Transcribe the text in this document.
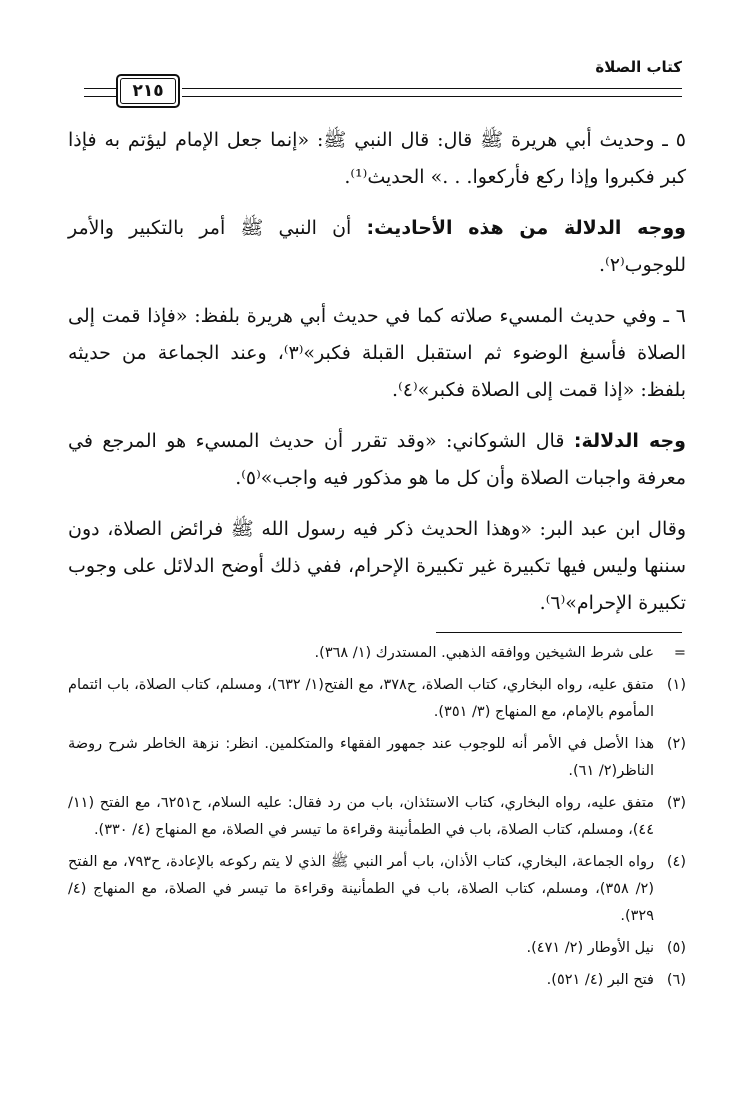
كتاب الصلاة
٢١٥

٥ ـ وحديث أبي هريرة ﷺ قال: قال النبي ﷺ: «إنما جعل الإمام ليؤتم به فإذا كبر فكبروا وإذا ركع فأركعوا. . .» الحديث⁽¹⁾.

ووجه الدلالة من هذه الأحاديث: أن النبي ﷺ أمر بالتكبير والأمر للوجوب⁽٢⁾.

٦ ـ وفي حديث المسيء صلاته كما في حديث أبي هريرة بلفظ: «فإذا قمت إلى الصلاة فأسبغ الوضوء ثم استقبل القبلة فكبر»⁽٣⁾، وعند الجماعة من حديثه بلفظ: «إذا قمت إلى الصلاة فكبر»⁽٤⁾.

وجه الدلالة: قال الشوكاني: «وقد تقرر أن حديث المسيء هو المرجع في معرفة واجبات الصلاة وأن كل ما هو مذكور فيه واجب»⁽٥⁾.

وقال ابن عبد البر: «وهذا الحديث ذكر فيه رسول الله ﷺ فرائض الصلاة، دون سننها وليس فيها تكبيرة غير تكبيرة الإحرام، ففي ذلك أوضح الدلائل على وجوب تكبيرة الإحرام»⁽٦⁾.

=
على شرط الشيخين ووافقه الذهبي. المستدرك (١/ ٣٦٨).
(١)
متفق عليه، رواه البخاري، كتاب الصلاة، ح٣٧٨، مع الفتح(١/ ٦٣٢)، ومسلم، كتاب الصلاة، باب ائتمام المأموم بالإمام، مع المنهاج (٣/ ٣٥١).
(٢)
هذا الأصل في الأمر أنه للوجوب عند جمهور الفقهاء والمتكلمين. انظر: نزهة الخاطر شرح روضة الناظر(٢/ ٦١).
(٣)
متفق عليه، رواه البخاري، كتاب الاستئذان، باب من رد فقال: عليه السلام، ح٦٢٥١، مع الفتح (١١/ ٤٤)، ومسلم، كتاب الصلاة، باب في الطمأنينة وقراءة ما تيسر في الصلاة، مع المنهاج (٤/ ٣٣٠).
(٤)
رواه الجماعة، البخاري، كتاب الأذان، باب أمر النبي ﷺ الذي لا يتم ركوعه بالإعادة، ح٧٩٣، مع الفتح (٢/ ٣٥٨)، ومسلم، كتاب الصلاة، باب في الطمأنينة وقراءة ما تيسر في الصلاة، مع المنهاج (٤/ ٣٢٩).
(٥)
نيل الأوطار (٢/ ٤٧١).
(٦)
فتح البر (٤/ ٥٢١).
